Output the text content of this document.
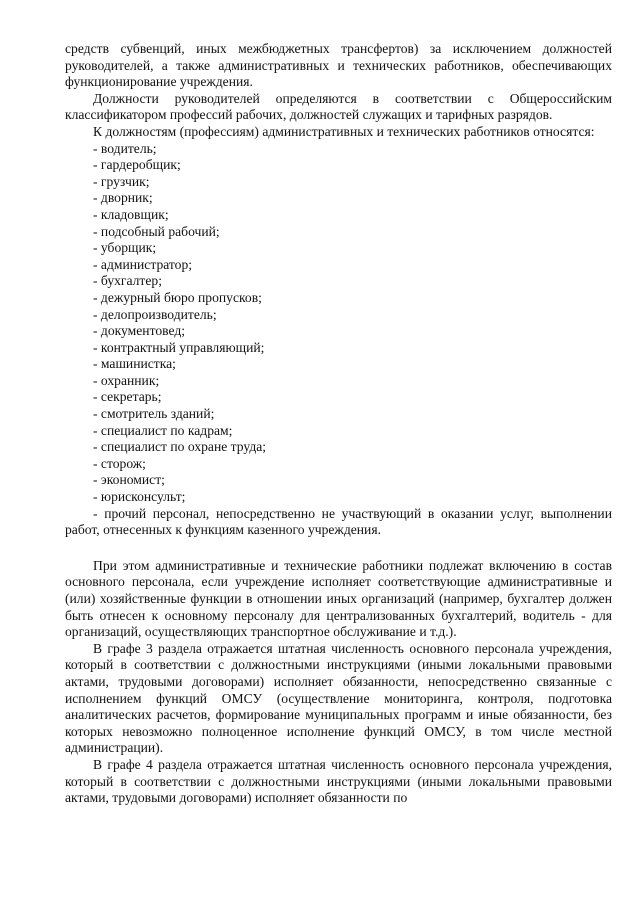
средств субвенций, иных межбюджетных трансфертов) за исключением должностей руководителей, а также административных и технических работников, обеспечивающих функционирование учреждения.

Должности руководителей определяются в соответствии с Общероссийским классификатором профессий рабочих, должностей служащих и тарифных разрядов.

К должностям (профессиям) административных и технических работников относятся:

- водитель;
- гардеробщик;
- грузчик;
- дворник;
- кладовщик;
- подсобный рабочий;
- уборщик;
- администратор;
- бухгалтер;
- дежурный бюро пропусков;
- делопроизводитель;
- документовед;
- контрактный управляющий;
- машинистка;
- охранник;
- секретарь;
- смотритель зданий;
- специалист по кадрам;
- специалист по охране труда;
- сторож;
- экономист;
- юрисконсульт;

- прочий персонал, непосредственно не участвующий в оказании услуг, выполнении работ, отнесенных к функциям казенного учреждения.

При этом административные и технические работники подлежат включению в состав основного персонала, если учреждение исполняет соответствующие административные и (или) хозяйственные функции в отношении иных организаций (например, бухгалтер должен быть отнесен к основному персоналу для централизованных бухгалтерий, водитель - для организаций, осуществляющих транспортное обслуживание и т.д.).

В графе 3 раздела отражается штатная численность основного персонала учреждения, который в соответствии с должностными инструкциями (иными локальными правовыми актами, трудовыми договорами) исполняет обязанности, непосредственно связанные с исполнением функций ОМСУ (осуществление мониторинга, контроля, подготовка аналитических расчетов, формирование муниципальных программ и иные обязанности, без которых невозможно полноценное исполнение функций ОМСУ, в том числе местной администрации).

В графе 4 раздела отражается штатная численность основного персонала учреждения, который в соответствии с должностными инструкциями (иными локальными правовыми актами, трудовыми договорами) исполняет обязанности по
